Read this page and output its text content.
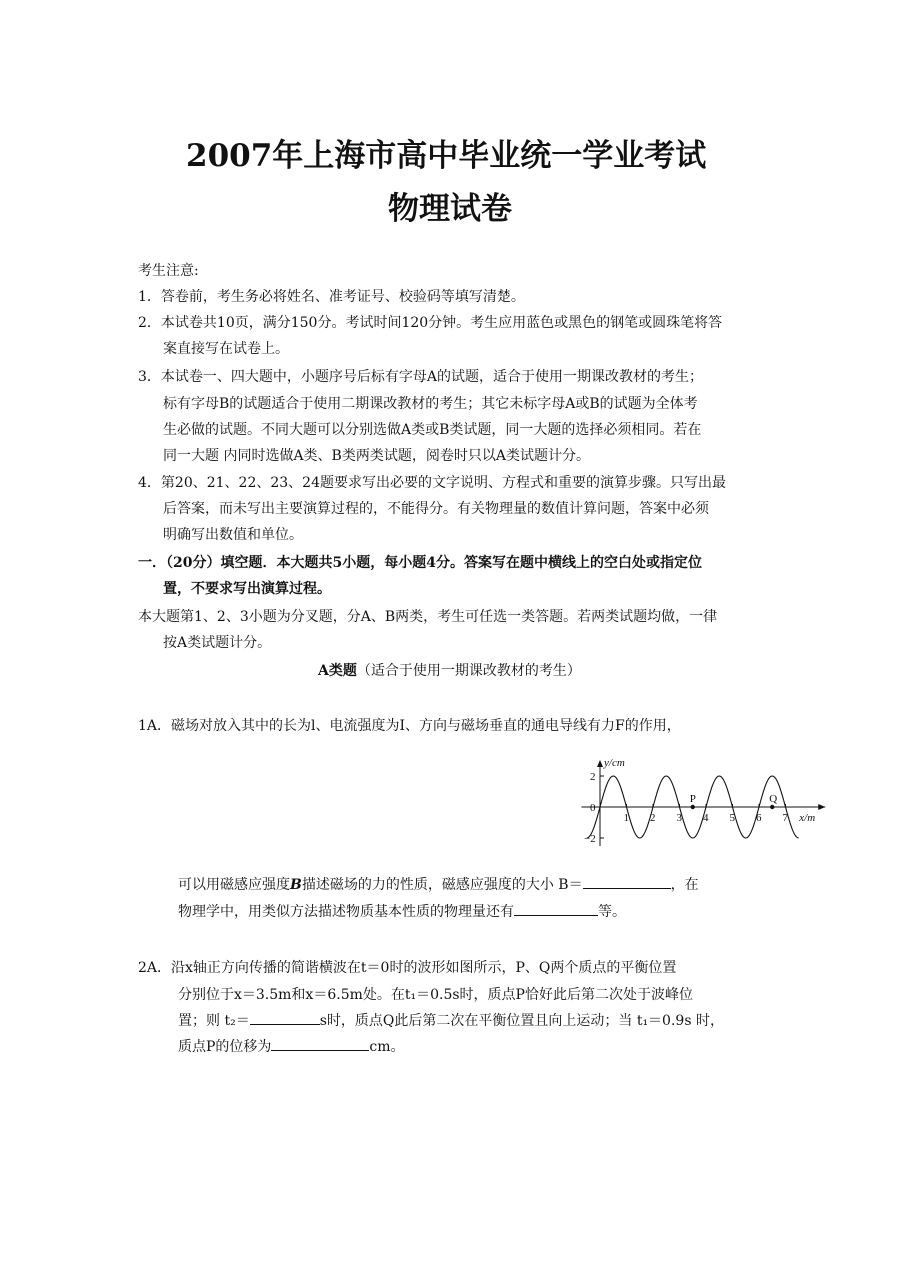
2007年上海市高中毕业统一学业考试
物理试卷
考生注意:
1．答卷前，考生务必将姓名、准考证号、校验码等填写清楚。
2．本试卷共10页，满分150分。考试时间120分钟。考生应用蓝色或黑色的钢笔或圆珠笔将答
案直接写在试卷上。
3．本试卷一、四大题中，小题序号后标有字母A的试题，适合于使用一期课改教材的考生；
标有字母B的试题适合于使用二期课改教材的考生；其它未标字母A或B的试题为全体考
生必做的试题。不同大题可以分别选做A类或B类试题，同一大题的选择必须相同。若在
同一大题 内同时选做A类、B类两类试题，阅卷时只以A类试题计分。
4．第20、21、22、23、24题要求写出必要的文字说明、方程式和重要的演算步骤。只写出最
后答案，而未写出主要演算过程的，不能得分。有关物理量的数值计算问题，答案中必须
明确写出数值和单位。
一．（20分）填空题．本大题共5小题，每小题4分。答案写在题中横线上的空白处或指定位
置，不要求写出演算过程。
本大题第1、2、3小题为分叉题，分A、B两类，考生可任选一类答题。若两类试题均做，一律
按A类试题计分。
A类题（适合于使用一期课改教材的考生）
1A．磁场对放入其中的长为l、电流强度为I、方向与磁场垂直的通电导线有力F的作用，
y/cm
x/m
2
0
−2
1 2 3 4 5 6 7
P	Q
可以用磁感应强度B描述磁场的力的性质，磁感应强度的大小 B＝	，在
物理学中，用类似方法描述物质基本性质的物理量还有	等。
2A．沿x轴正方向传播的简谐横波在t＝0时的波形如图所示，P、Q两个质点的平衡位置
分别位于x＝3.5m和x＝6.5m处。在t₁＝0.5s时，质点P恰好此后第二次处于波峰位
置；则 t₂＝	s时，质点Q此后第二次在平衡位置且向上运动；当 t₁＝0.9s 时，
质点P的位移为	cm。
